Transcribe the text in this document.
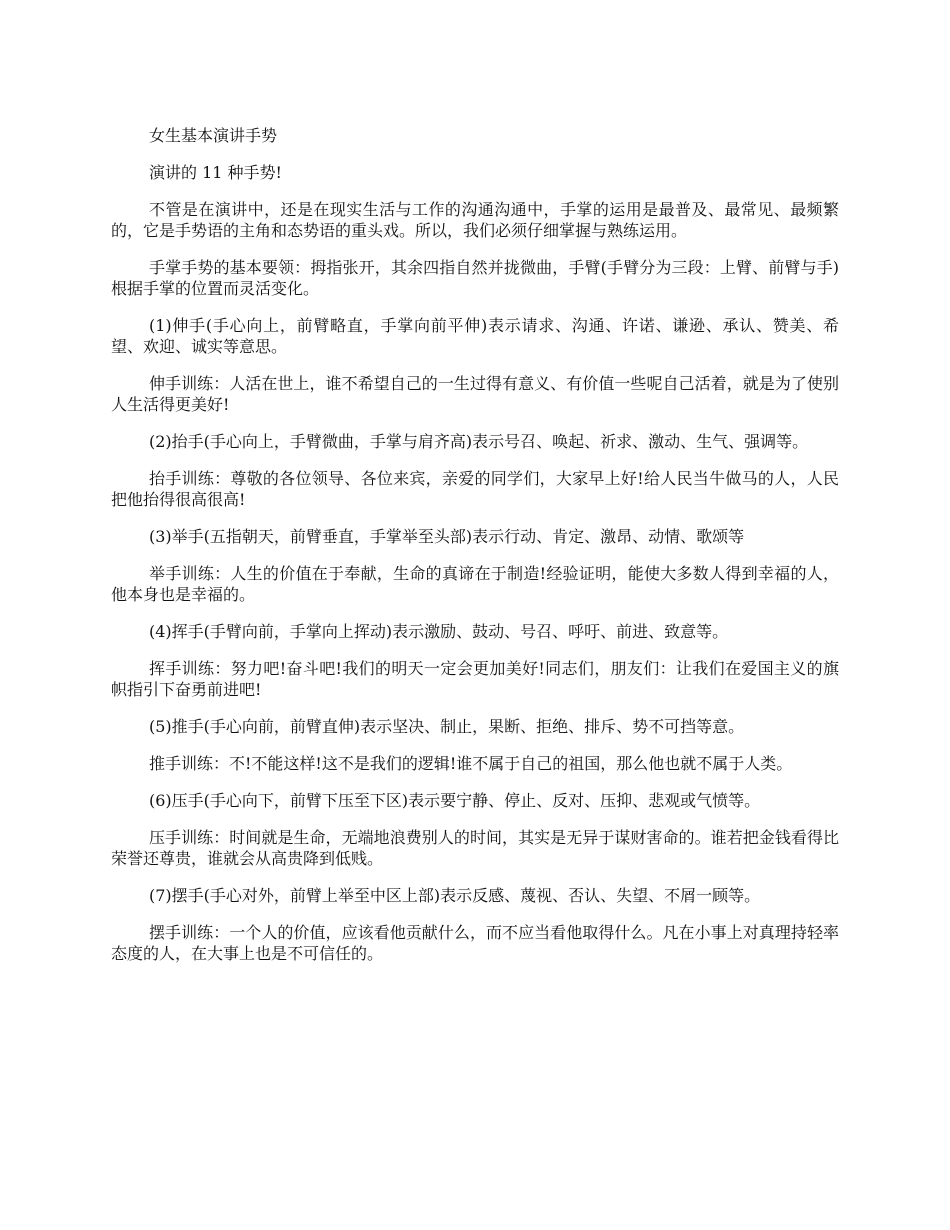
女生基本演讲手势

演讲的 11 种手势!

不管是在演讲中，还是在现实生活与工作的沟通沟通中，手掌的运用是最普及、最常见、最频繁的，它是手势语的主角和态势语的重头戏。所以，我们必须仔细掌握与熟练运用。

手掌手势的基本要领：拇指张开，其余四指自然并拢微曲，手臂(手臂分为三段：上臂、前臂与手)根据手掌的位置而灵活变化。

(1)伸手(手心向上，前臂略直，手掌向前平伸)表示请求、沟通、许诺、谦逊、承认、赞美、希望、欢迎、诚实等意思。

伸手训练：人活在世上，谁不希望自己的一生过得有意义、有价值一些呢自己活着，就是为了使别人生活得更美好!

(2)抬手(手心向上，手臂微曲，手掌与肩齐高)表示号召、唤起、祈求、激动、生气、强调等。

抬手训练：尊敬的各位领导、各位来宾，亲爱的同学们，大家早上好!给人民当牛做马的人，人民把他抬得很高很高!

(3)举手(五指朝天，前臂垂直，手掌举至头部)表示行动、肯定、激昂、动情、歌颂等

举手训练：人生的价值在于奉献，生命的真谛在于制造!经验证明，能使大多数人得到幸福的人，他本身也是幸福的。

(4)挥手(手臂向前，手掌向上挥动)表示激励、鼓动、号召、呼吁、前进、致意等。

挥手训练：努力吧!奋斗吧!我们的明天一定会更加美好!同志们，朋友们：让我们在爱国主义的旗帜指引下奋勇前进吧!

(5)推手(手心向前，前臂直伸)表示坚决、制止，果断、拒绝、排斥、势不可挡等意。

推手训练：不!不能这样!这不是我们的逻辑!谁不属于自己的祖国，那么他也就不属于人类。

(6)压手(手心向下，前臂下压至下区)表示要宁静、停止、反对、压抑、悲观或气愤等。

压手训练：时间就是生命，无端地浪费别人的时间，其实是无异于谋财害命的。谁若把金钱看得比荣誉还尊贵，谁就会从高贵降到低贱。

(7)摆手(手心对外，前臂上举至中区上部)表示反感、蔑视、否认、失望、不屑一顾等。

摆手训练：一个人的价值，应该看他贡献什么，而不应当看他取得什么。凡在小事上对真理持轻率态度的人，在大事上也是不可信任的。
